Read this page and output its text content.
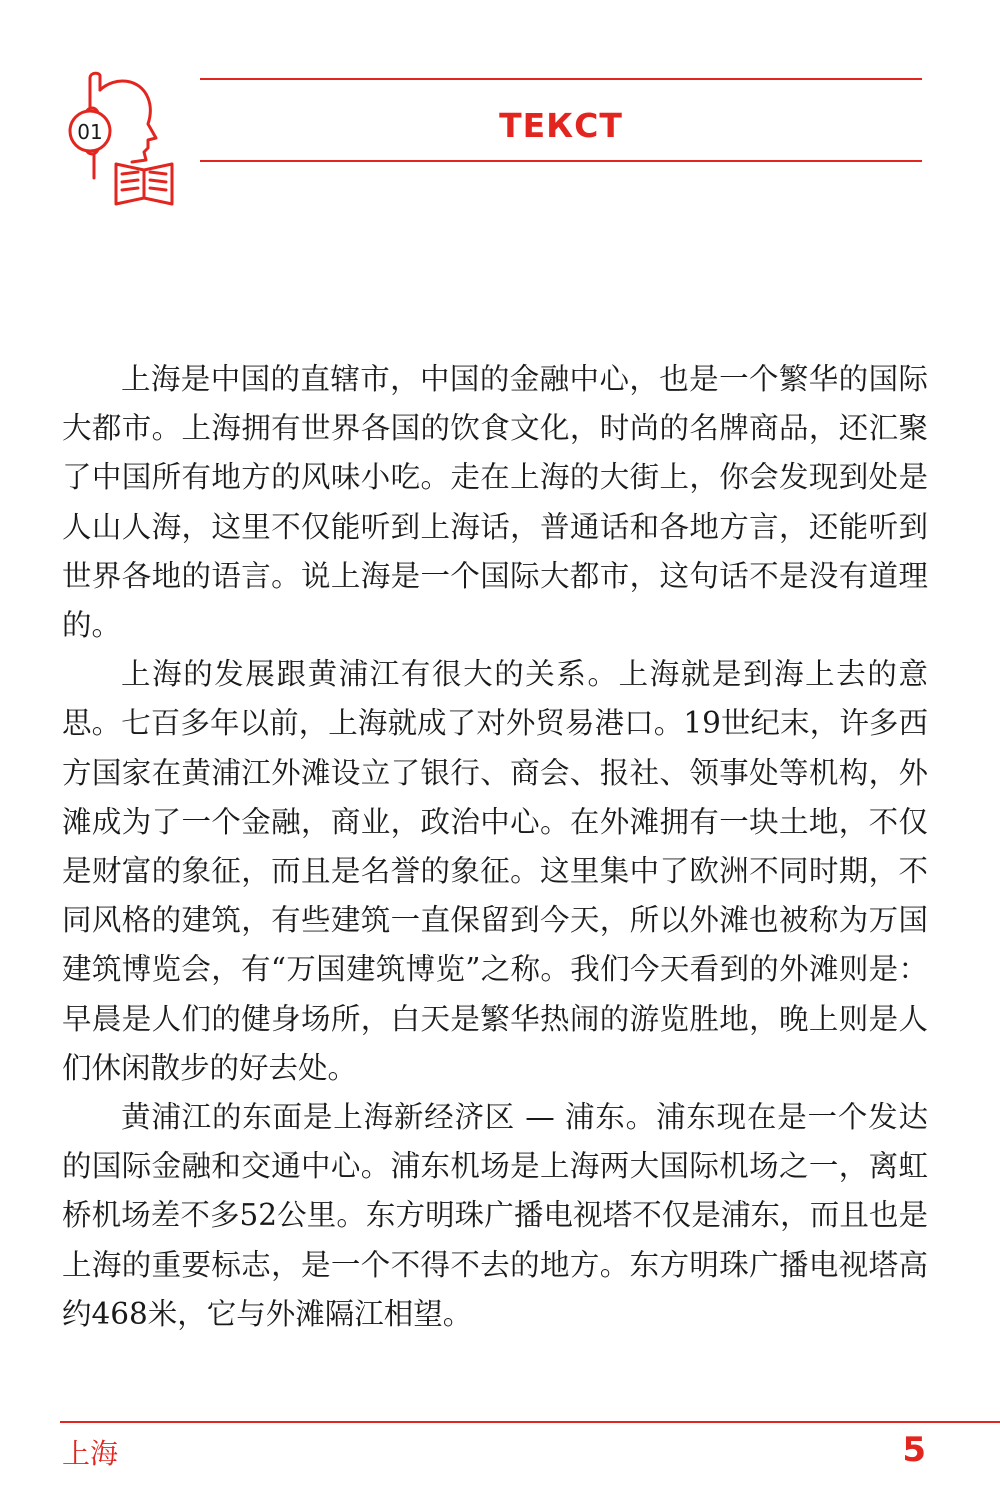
01	ТЕКСТ

上海是中国的直辖市，中国的金融中心，也是一个繁华的国际大都市。上海拥有世界各国的饮食文化，时尚的名牌商品，还汇聚了中国所有地方的风味小吃。走在上海的大街上，你会发现到处是人山人海，这里不仅能听到上海话，普通话和各地方言，还能听到世界各地的语言。说上海是一个国际大都市，这句话不是没有道理的。

上海的发展跟黄浦江有很大的关系。上海就是到海上去的意思。七百多年以前，上海就成了对外贸易港口。19世纪末，许多西方国家在黄浦江外滩设立了银行、商会、报社、领事处等机构，外滩成为了一个金融，商业，政治中心。在外滩拥有一块土地，不仅是财富的象征，而且是名誉的象征。这里集中了欧洲不同时期，不同风格的建筑，有些建筑一直保留到今天，所以外滩也被称为万国建筑博览会，有“万国建筑博览”之称。我们今天看到的外滩则是：早晨是人们的健身场所，白天是繁华热闹的游览胜地，晚上则是人们休闲散步的好去处。

黄浦江的东面是上海新经济区 — 浦东。浦东现在是一个发达的国际金融和交通中心。浦东机场是上海两大国际机场之一，离虹桥机场差不多52公里。东方明珠广播电视塔不仅是浦东，而且也是上海的重要标志，是一个不得不去的地方。东方明珠广播电视塔高约468米，它与外滩隔江相望。

上海	5
